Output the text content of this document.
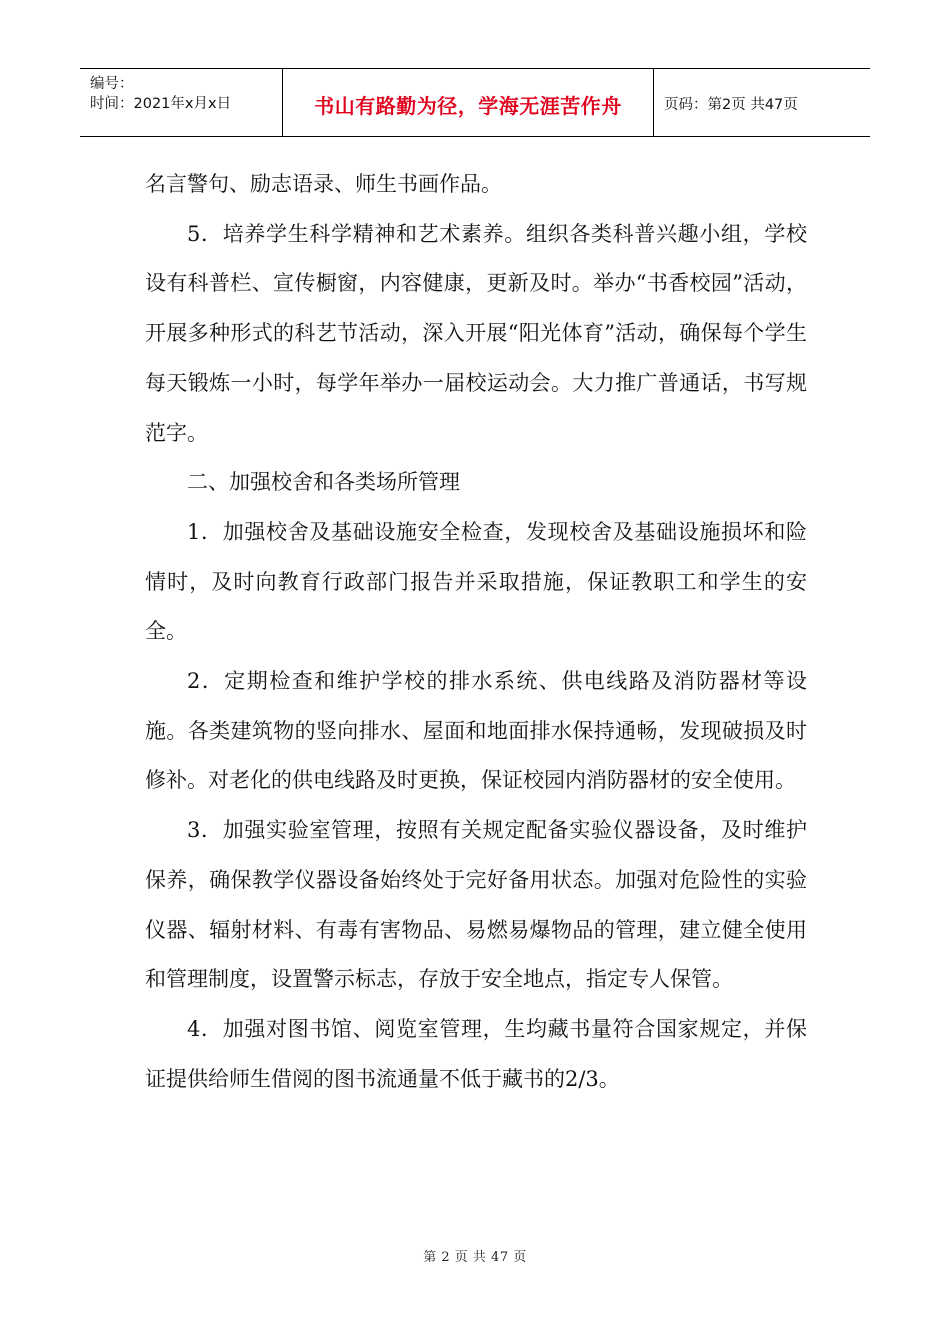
编号：
时间：2021年x月x日	书山有路勤为径，学海无涯苦作舟	页码：第2页 共47页

名言警句、励志语录、师生书画作品。

5．培养学生科学精神和艺术素养。组织各类科普兴趣小组，学校设有科普栏、宣传橱窗，内容健康，更新及时。举办“书香校园”活动，开展多种形式的科艺节活动，深入开展“阳光体育”活动，确保每个学生每天锻炼一小时，每学年举办一届校运动会。大力推广普通话，书写规范字。

二、加强校舍和各类场所管理

1．加强校舍及基础设施安全检查，发现校舍及基础设施损坏和险情时，及时向教育行政部门报告并采取措施，保证教职工和学生的安全。

2．定期检查和维护学校的排水系统、供电线路及消防器材等设施。各类建筑物的竖向排水、屋面和地面排水保持通畅，发现破损及时修补。对老化的供电线路及时更换，保证校园内消防器材的安全使用。

3．加强实验室管理，按照有关规定配备实验仪器设备，及时维护保养，确保教学仪器设备始终处于完好备用状态。加强对危险性的实验仪器、辐射材料、有毒有害物品、易燃易爆物品的管理，建立健全使用和管理制度，设置警示标志，存放于安全地点，指定专人保管。

4．加强对图书馆、阅览室管理，生均藏书量符合国家规定，并保证提供给师生借阅的图书流通量不低于藏书的2/3。

第 2 页 共 47 页
